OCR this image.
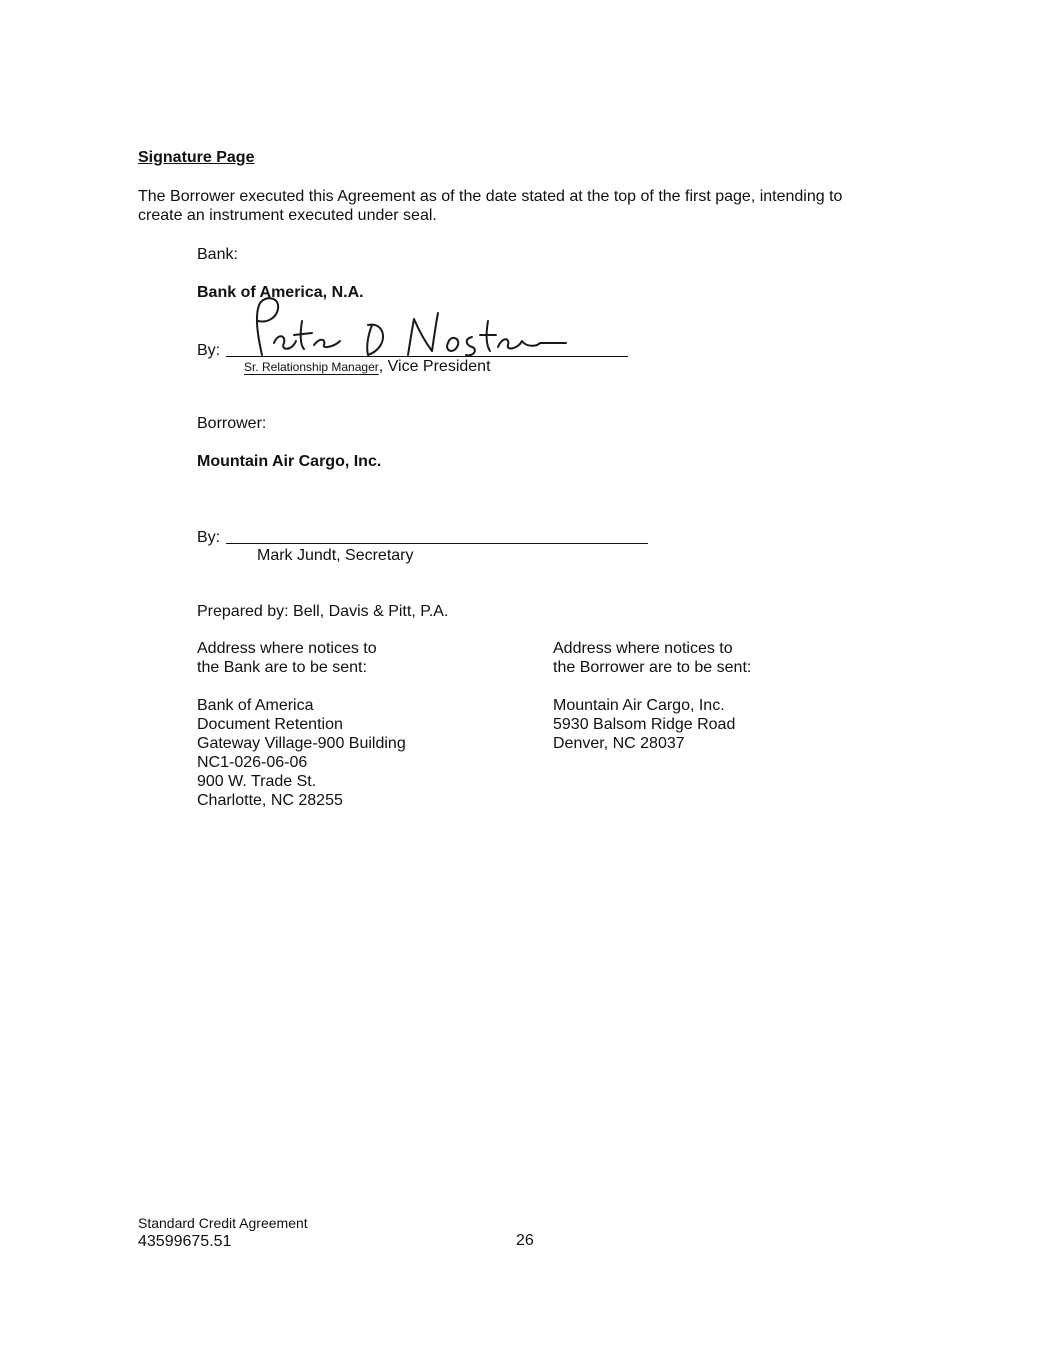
Signature Page
The Borrower executed this Agreement as of the date stated at the top of the first page, intending to
create an instrument executed under seal.
Bank:
Bank of America, N.A.
By:
Sr. Relationship Manager, Vice President
Borrower:
Mountain Air Cargo, Inc.
By:
Mark Jundt, Secretary
Prepared by: Bell, Davis & Pitt, P.A.
Address where notices to
the Bank are to be sent:
Bank of America
Document Retention
Gateway Village-900 Building
NC1-026-06-06
900 W. Trade St.
Charlotte, NC 28255
Address where notices to
the Borrower are to be sent:
Mountain Air Cargo, Inc.
5930 Balsom Ridge Road
Denver, NC 28037
Standard Credit Agreement
43599675.51	26
